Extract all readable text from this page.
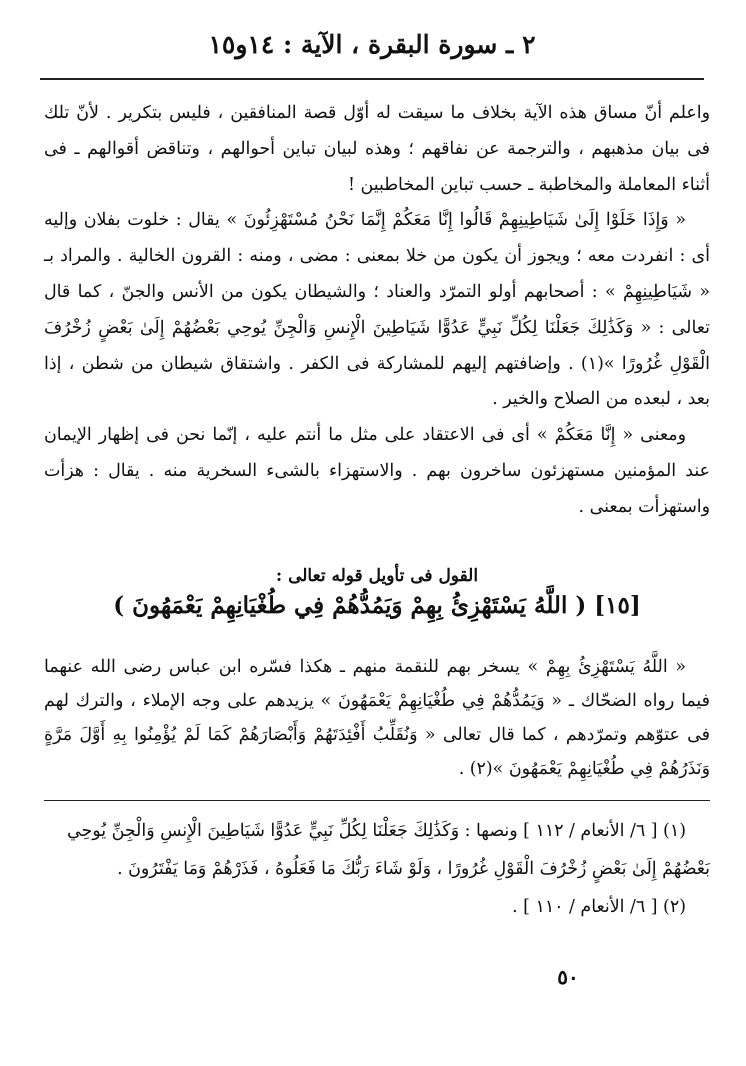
٢ ـ سورة البقرة ، الآية : ١٤و١٥

واعلم أنّ مساق هذه الآية بخلاف ما سيقت له أوّل قصة المنافقين ، فليس بتكرير . لأنّ تلك فى بيان مذهبهم ، والترجمة عن نفاقهم ؛ وهذه لبيان تباين أحوالهم ، وتناقض أقوالهم ـ فى أثناء المعاملة والمخاطبة ـ حسب تباين المخاطبين !

« وَإِذَا خَلَوْا إِلَىٰ شَيَاطِينِهِمْ قَالُوا إِنَّا مَعَكُمْ إِنَّمَا نَحْنُ مُسْتَهْزِئُونَ » يقال : خلوت بفلان وإليه أى : انفردت معه ؛ ويجوز أن يكون من خلا بمعنى : مضى ، ومنه : القرون الخالية . والمراد بـ « شَيَاطِينِهِمْ » : أصحابهم أولو التمرّد والعناد ؛ والشيطان يكون من الأنس والجنّ ، كما قال تعالى : « وَكَذَٰلِكَ جَعَلْنَا لِكُلِّ نَبِيٍّ عَدُوًّا شَيَاطِينَ الْإِنسِ وَالْجِنِّ يُوحِي بَعْضُهُمْ إِلَىٰ بَعْضٍ زُخْرُفَ الْقَوْلِ غُرُورًا »(١) . وإضافتهم إليهم للمشاركة فى الكفر . واشتقاق شيطان من شطن ، إذا بعد ، لبعده من الصلاح والخير .

ومعنى « إِنَّا مَعَكُمْ » أى فى الاعتقاد على مثل ما أنتم عليه ، إنّما نحن فى إظهار الإيمان عند المؤمنين مستهزئون ساخرون بهم . والاستهزاء بالشىء السخرية منه . يقال : هزأت واستهزأت بمعنى .

القول فى تأويل قوله تعالى :
[١٥] ( اللَّهُ يَسْتَهْزِئُ بِهِمْ وَيَمُدُّهُمْ فِي طُغْيَانِهِمْ يَعْمَهُونَ )

« اللَّهُ يَسْتَهْزِئُ بِهِمْ » يسخر بهم للنقمة منهم ـ هكذا فسّره ابن عباس رضى الله عنهما فيما رواه الضحّاك ـ « وَيَمُدُّهُمْ فِي طُغْيَانِهِمْ يَعْمَهُونَ » يزيدهم على وجه الإملاء ، والترك لهم فى عتوّهم وتمرّدهم ، كما قال تعالى « وَنُقَلِّبُ أَفْئِدَتَهُمْ وَأَبْصَارَهُمْ كَمَا لَمْ يُؤْمِنُوا بِهِ أَوَّلَ مَرَّةٍ وَنَذَرُهُمْ فِي طُغْيَانِهِمْ يَعْمَهُونَ »(٢) .

(١) [ ٦/ الأنعام / ١١٢ ] ونصها : وَكَذَٰلِكَ جَعَلْنَا لِكُلِّ نَبِيٍّ عَدُوًّا شَيَاطِينَ الْإِنسِ وَالْجِنِّ يُوحِي بَعْضُهُمْ إِلَىٰ بَعْضٍ زُخْرُفَ الْقَوْلِ غُرُورًا ، وَلَوْ شَاءَ رَبُّكَ مَا فَعَلُوهُ ، فَذَرْهُمْ وَمَا يَفْتَرُونَ .

(٢) [ ٦/ الأنعام / ١١٠ ] .

٥٠
